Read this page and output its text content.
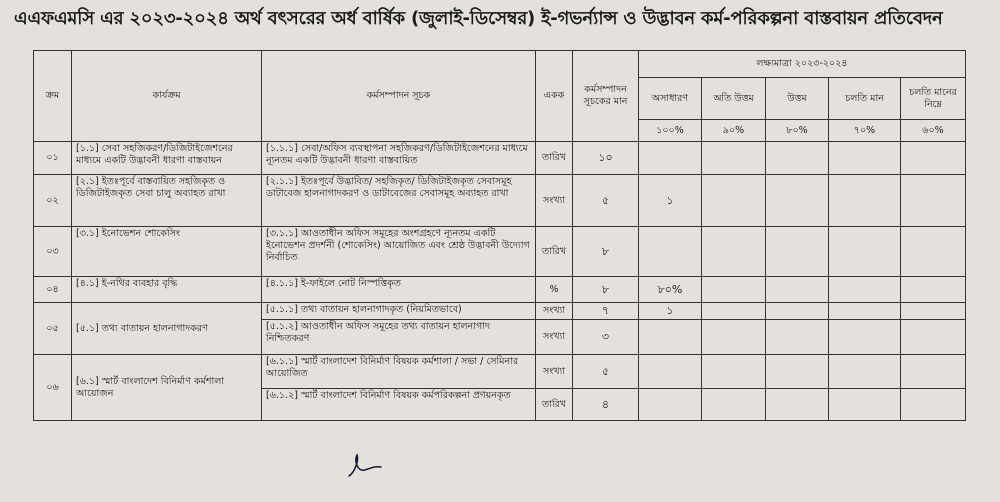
এএফএমসি এর ২০২৩-২০২৪ অর্থ বৎসরের অর্ধ বার্ষিক (জুলাই-ডিসেম্বর) ই-গভর্ন্যান্স ও উদ্ভাবন কর্ম-পরিকল্পনা বাস্তবায়ন প্রতিবেদন
ক্রম	কার্যক্রম	কর্মসম্পাদন সূচক	একক	কর্মসম্পাদন সূচকের মান	লক্ষ্যমাত্রা ২০২৩-২০২৪				
					অসাধারণ	অতি উত্তম	উত্তম	চলতি মান	চলতি মানের নিম্নে
					১০০%	৯০%	৮০%	৭০%	৬০%
০১	[১.১] সেবা সহজিকরণ/ডিজিটাইজেশনের মাধ্যমে একটি উদ্ভাবনী ধারণা বাস্তবায়ন	[১.১.১] সেবা/অফিস ব্যবস্থাপনা সহজিকরণ/ডিজিটাইজেশনের মাধ্যমে ন্যূনতম একটি উদ্ভাবনী ধারণা বাস্তবায়িত	তারিখ	১০					
০২	[২.১] ইতঃপূর্বে বাস্তবায়িত সহজিকৃত ও ডিজিটাইজকৃত সেবা চালু অব্যাহত রাখা	[২.১.১] ইতঃপূর্বে উদ্ভাবিত/ সহজিকৃত/ ডিজিটাইজকৃত সেবাসমূহ ডাটাবেজ হালনাগাদকরণ ও ডাটাবেজের সেবাসমূহ অব্যাহত রাখা	সংখ্যা	৫	১				
০৩	[৩.১] ইনোভেশন শোকেসিং	[৩.১.১] আওতাধীন অফিস সমূহের অংশগ্রহণে ন্যূনতম একটি ইনোভেশন প্রদর্শনী (শোকেসিং) আয়োজিত এবং শ্রেষ্ঠ উদ্ভাবনী উদ্যোগ নির্বাচিত	তারিখ	৮					
০৪	[৪.১] ই-নথির ব্যবহার বৃদ্ধি	[৪.১.১] ই-ফাইলে নোট নিস্পত্তিকৃত	%	৮	৮০%				
০৫	[৫.১] তথ্য বাতায়ন হালনাগাদকরণ	[৫.১.১] তথ্য বাতায়ন হালনাগাদকৃত (নিয়মিতভাবে)	সংখ্যা	৭	১				
		[৫.১.২] আওতাধীন অফিস সমূহের তথ্য বাতায়ন হালনাগাদ নিশ্চিতকরণ	সংখ্যা	৩					
০৬	[৬.১] স্মার্ট বাংলাদেশ বিনির্মাণ কর্মশালা আয়োজন	[৬.১.১] স্মার্ট বাংলাদেশ বিনির্মাণ বিষয়ক কর্মশালা / সভা / সেমিনার আয়োজিত	সংখ্যা	৫					
		[৬.১.২] স্মার্ট বাংলাদেশ বিনির্মাণ বিষয়ক কর্মপরিকল্পনা প্রণয়নকৃত	তারিখ	৪					
